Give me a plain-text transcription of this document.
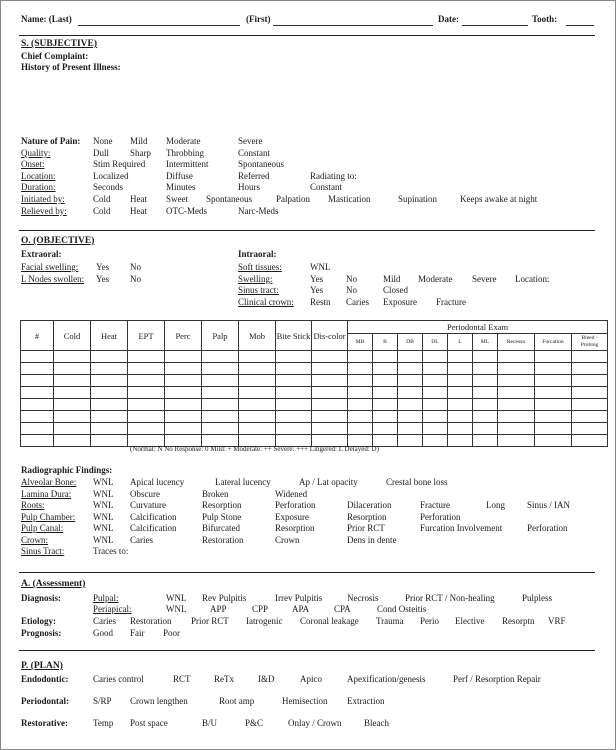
Name: (Last)	(First)	Date:	Tooth:
S. (SUBJECTIVE)
Chief Complaint:
History of Present Illness:
Nature of Pain: None Mild Moderate	Severe
Quality:	Dull Sharp Throbbing	Constant
Onset:	Stim Required Intermittent	Spontaneous
Location:	Localized	Diffuse	Referred	Radiating to:
Duration:	Seconds	Minutes	Hours	Constant
Initiated by:	Cold Heat Sweet Spontaneous	Palpation Mastication	Supination	Keeps awake at night
Relieved by:	Cold Heat OTC-Meds	Narc-Meds
O. (OBJECTIVE)
Extraoral:	Intraoral:
Facial swelling: Yes No
L Nodes swollen: Yes No
Soft tissues:	WNL
Swelling:	Yes	No	Mild Moderate Severe Location:
Sinus tract:	Yes	No	Closed
Clinical crown: Restn Caries Exposure Fracture
#	Cold	Heat	EPT	Perc	Palp	Mob	Bite Stick	Dis-color	Periodontal Exam								
									MB	B	DB	DL	L	ML	Recessn	Furcation	Bleed - Probing

(Normal: N No Response: 0 Mild: + Moderate: ++ Severe: +++ Lingered: L Delayed: D)
Radiographic Findings:
Alveolar Bone: WNL Apical lucency	Lateral lucency	Ap / Lat opacity	Crestal bone loss
Lamina Dura: WNL Obscure	Broken	Widened
Roots:	WNL Curvature	Resorption	Perforation	Dilaceration	Fracture	Long Sinus / IAN
Pulp Chamber: WNL Calcification	Pulp Stone	Exposure	Resorption	Perforation
Pulp Canal:	WNL Calcification	Bifurcated	Resorption	Prior RCT	Furcation Involvement	Perforation
Crown:	WNL Caries	Restoration	Crown	Dens in dente
Sinus Tract:	Traces to:
A. (Assessment)
Diagnosis:	Pulpal:	WNL Rev Pulpitis	Irrev Pulpitis	Necrosis	Prior RCT / Non-healing	Pulpless
Periapical:	WNL	APP	CPP	APA	CPA	Cond Osteitis
Etiology:	Caries Restoration Prior RCT Iatrogenic Coronal leakage Trauma Perio Elective Resorptn VRF
Prognosis:	Good Fair Poor
P. (PLAN)
Endodontic:	Caries control	RCT	ReTx	I&D	Apico	Apexification/genesis	Perf / Resorption Repair
Periodontal:	S/RP Crown lengthen	Root amp	Hemisection Extraction
Restorative:	Temp Post space	B/U	P&C	Onlay / Crown	Bleach
